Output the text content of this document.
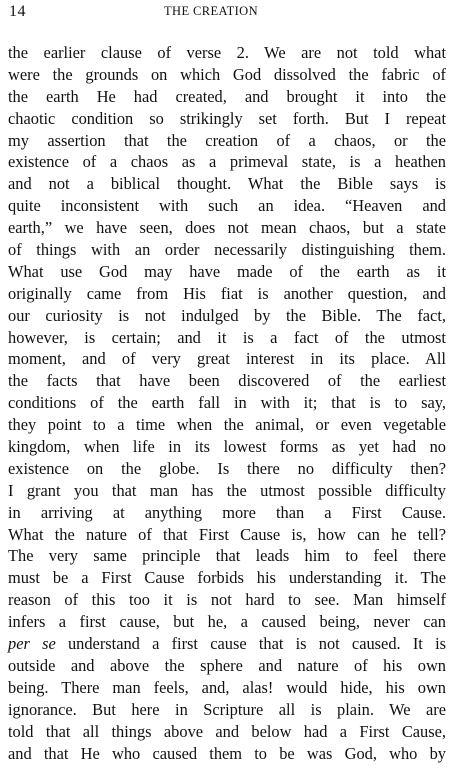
14	THE CREATION
the earlier clause of verse 2. We are not told what
were the grounds on which God dissolved the fabric of
the earth He had created, and brought it into the
chaotic condition so strikingly set forth. But I repeat
my assertion that the creation of a chaos, or the
existence of a chaos as a primeval state, is a heathen
and not a biblical thought. What the Bible says is
quite inconsistent with such an idea. “Heaven and
earth,” we have seen, does not mean chaos, but a state
of things with an order necessarily distinguishing them.
What use God may have made of the earth as it
originally came from His fiat is another question, and
our curiosity is not indulged by the Bible. The fact,
however, is certain; and it is a fact of the utmost
moment, and of very great interest in its place. All
the facts that have been discovered of the earliest
conditions of the earth fall in with it; that is to say,
they point to a time when the animal, or even vegetable
kingdom, when life in its lowest forms as yet had no
existence on the globe. Is there no difficulty then?
I grant you that man has the utmost possible difficulty
in arriving at anything more than a First Cause.
What the nature of that First Cause is, how can he tell?
The very same principle that leads him to feel there
must be a First Cause forbids his understanding it. The
reason of this too it is not hard to see. Man himself
infers a first cause, but he, a caused being, never can
per se understand a first cause that is not caused. It is
outside and above the sphere and nature of his own
being. There man feels, and, alas! would hide, his own
ignorance. But here in Scripture all is plain. We are
told that all things above and below had a First Cause,
and that He who caused them to be was God, who by
